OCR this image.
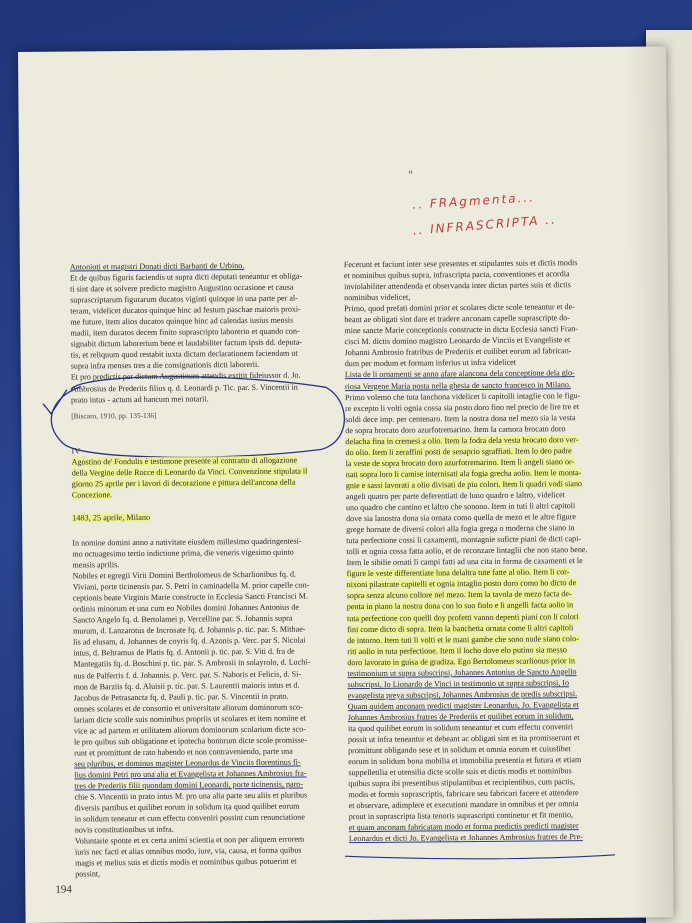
"
.. FRAgmenta...
.. INFRASCRIPTA ..

Antonioti et magistri Donati dicti Barbanti de Urbino.
Et de quibus figuris faciendis ut supra dicti deputati teneantur et obliga-
ti sint dare et solvere predicto magistro Augustino occasione et causa
suprascriptarum figurarum ducatos viginti quinque in una parte per al-
teram, videlicet ducatos quinque hinc ad festum paschae maioris proxi-
me future, item alios ducatos quinque hinc ad calendas iusius mensis
madii, item ducatos decem finito suprascripto laborerio et quando con-
signabit dictum laborerium bene et laudabiliter factum ipsis dd. deputa-
tis, et reliquum quod restabit iuxta dictam declarationem faciendam ut
supra infra menses tres a die consignationis dicti laborerii.
Et pro predictis per dictum Augustinum attendis extitit fideiussor d. Jo.
Ambrosius de Prederiis filius q. d. Leonardi p. Tic. par. S. Vincentii in
prato intus - actum ad bancum mei notarii.

[Biscaro, 1910, pp. 135-136]
IV

Agostino de' Fondulis è testimone presente al contratto di allogazione
della Vergine delle Rocce di Leonardo da Vinci. Convenzione stipulata il
giorno 25 aprile per i lavori di decorazione e pittura dell'ancona della
Concezione.

1483, 25 aprile, Milano

In nomine domini anno a nativitate eiusdem millesimo quadringentesi-
mo octuagesimo tertio indictione prima, die veneris vigesimo quinto
mensis aprilis.
Nobiles et egregii Virii Domini Bertholomeus de Scharlionibus fq. d.
Viviani, porte ticinensis par. S. Petri in caminadella M. prior capelle con-
ceptionis beate Virginis Marie constructe in Ecclesia Sancti Francisci M.
ordinis minorum et una cum eo Nobiles domini Johannes Antonius de
Sancto Angelo fq. d. Bertolamei p. Vercelline par. S. Johannis supra
murum, d. Lanzarotus de Incrosate fq. d. Johannis p. tic. par. S. Mithae-
lis ad elusam, d. Johannes de coyris fq. d. Azonis p. Verc. par S. Nicolai
intus, d. Beltramus de Platis fq. d. Antonii p. tic. par. S. Viti d. fra de
Mantegatiis fq. d. Boschini p. tic. par. S. Ambrosii in solayrolo, d. Luchi-
nus de Palferris f. d. Johannis. p. Verc. par. S. Naboris et Felicis, d. Si-
mon de Barziis fq. d. Aluisii p. tic. par. S. Laurentii maioris intus et d.
Jacobus de Petrasancta fq. d. Pauli p. tic. par. S. Vincentii in prato.
omnes scolares et de consortio et universitate aliorum dominorum sco-
lariam dicte scolle suis nominibus propriis ut scolares et item nomine et
vice ac ad partem et utilitatem aliorum dominorum scolarium dicte sco-
le pro quibus sub obligatione et ipotecha bonorum dicte scole promisse-
runt et promittunt de rato habendo et non contraveniendo, parte una
seu pluribus, et dominus magister Leonardus de Vinciis florentinus fi-
lius domini Petri pro una alia et Evangelista et Johannes Ambrosius fra-
tres de Prederiis filii quondam domini Leonardi, porte ticinensis, paro-
chie S. Vincentii in prato intus M. pro una alia parte seu aliis et pluribus
diversis partibus et quilibet eorum in solidum ita quod quilibet eorum
in solidum teneatur et cum effectu conveniri possint cum renunciatione
novis constitutionibus ut infra.
Voluntarie sponte et ex certa animi scientia et non per aliquem errorem
iuris nec facti et alias omnibus modo, iure, via, causa, et forma quibus
magis et melius suis et dictis modis et nominibus quibus potuerint et
possint,

Fecerunt et faciunt inter sese presentes et stipulantes suis et dictis modis
et nominibus quibus supra, infrascripta pacta, conventiones et acordia
inviolabiliter attendenda et observanda inter dictas partes suis et dictis
nominibus videlicet,
Primo, quod prefati domini prior et scolares dicte scole teneantur et de-
beant ae obligati sint dare et tradere anconam capelle suprascripte do-
mine sancte Marie conceptionis constructe in dicta Ecclesia sancti Fran-
cisci M. dictis domino magistro Leonardo de Vinciis et Evangeliste et
Johanni Ambrosio fratribus de Prederiis et cuilibet eorum ad fabrican-
dum per modum et formam inferius ut infra videlicet
Lista de li ornamenti se anno afare alancona dela conceptione dela glo-
riosa Vergene Maria posta nella ghesia de sancto francesco in Milano.
Primo volemo che tuta lanchona videlicet li capitolli intaglie con le figu-
re excepto li volti ognia cossa sia posto doro fino nel precio de lire tre et
soldi dece imp. per centenaro. Item la nostra dona nel mezo sia la vesta
de sopra brocato doro azurfotremarino. Item la camora brocato doro
delacha fina in cremesi a olio. Item la fodra dela vesta brocato doro ver-
do olio. Item li zeraffini posti de senaprio sgraffiati. Item lo deo padre
la veste de sopra brocato doro azurfotremarino. Item li angeli siano or-
nati sopra loro li camise internisati ala fogia grecha aolio. Item le monta-
gnie e sassi lavorati a olio divisati de piu colori. Item li quadri vodi siano
angeli quatro per parte deferentiati de luno quadro e laltro, videlicet
uno quadro che cantino et laltro che sonono. Item in tuti li altri capitoli
dove sia lanostra dona sia ornata como quella de mezo et le altre figure
grege hornate de diversi colori alla fogia grega o moderna che siano in
tuta perfectione cossi li caxamenti, montagnie suficte piani de dicti capi-
tolli et ognia cossa fatta aolio, et de reconzare lintaglii che non stano bene.
Item le sibilie ornati li campi fatti ad una cita in forma de caxamenti et le
figure le veste differentiate luna delaltra tute fatte al olio. Item li cor-
nixoni pilastrate capitelli et ognia intaglio posto doro como ho dicto de
sopra senza alcuno collore nel mezo. Item la tavola de mezo facta de-
penta in piano la nostra dona con lo suo fiolo e li angelli facta aolio in
tuta perfectione con quelli doy profetti vanno depenti piani con li colori
fini come dicto di sopra. Item la banchetta ornata come li altri capitoli
de intorno. Item tuti li volti et le mani gambe che sono nude siano colo-
riti aolio in tuta perfectione. Item il locho dove elo putino sia messo
doro lavorato in guisa de gradiza. Ego Bertolomeus scarlionus prior in
testimonium ut supra subscripsi, Johannes Antonius de Sancto Angello
subscripsi, Io Lionardo de Vinci in testimonio ut supra subscripsi, Io
evangelista preya subscripsi, Johannes Ambrosius de predis subscripsi.
Quam quidem anconam predicti magister Leonardus, Jo. Evangelista et
Johannes Ambrosius fratres de Prederiis et quilibet eorum in solidum,
ita quod quilibet eorum in solidum teneantur et cum effectu conveniri
possit ut infra teneantur et debeant ac obligati sint et ita promisserunt et
promittunt obligando sese et in solidum et omnia eorum et cuiuslibet
eorum in solidum bona mobilia et immobilia presentia et futura et etiam
suppelletilia et utensilia dicte scolle suis et dictis modis et nominibus
quibus supra ibi presentibus stipulantibus et recipientibus, cum pactis,
modis et formis suprascriptis, fabricare seu fabricari facere et attendere
et observare, adimplere et executioni mandare in omnibus et per omnia
prout in suprascripta lista tenoris suprascripti continetur et fit mentio,
et quam anconam fabricatam modo et forma predictis predicti magister
Leonardus et dicti Jo. Evangelista et Johannes Ambrosius fratres de Pre-

194
